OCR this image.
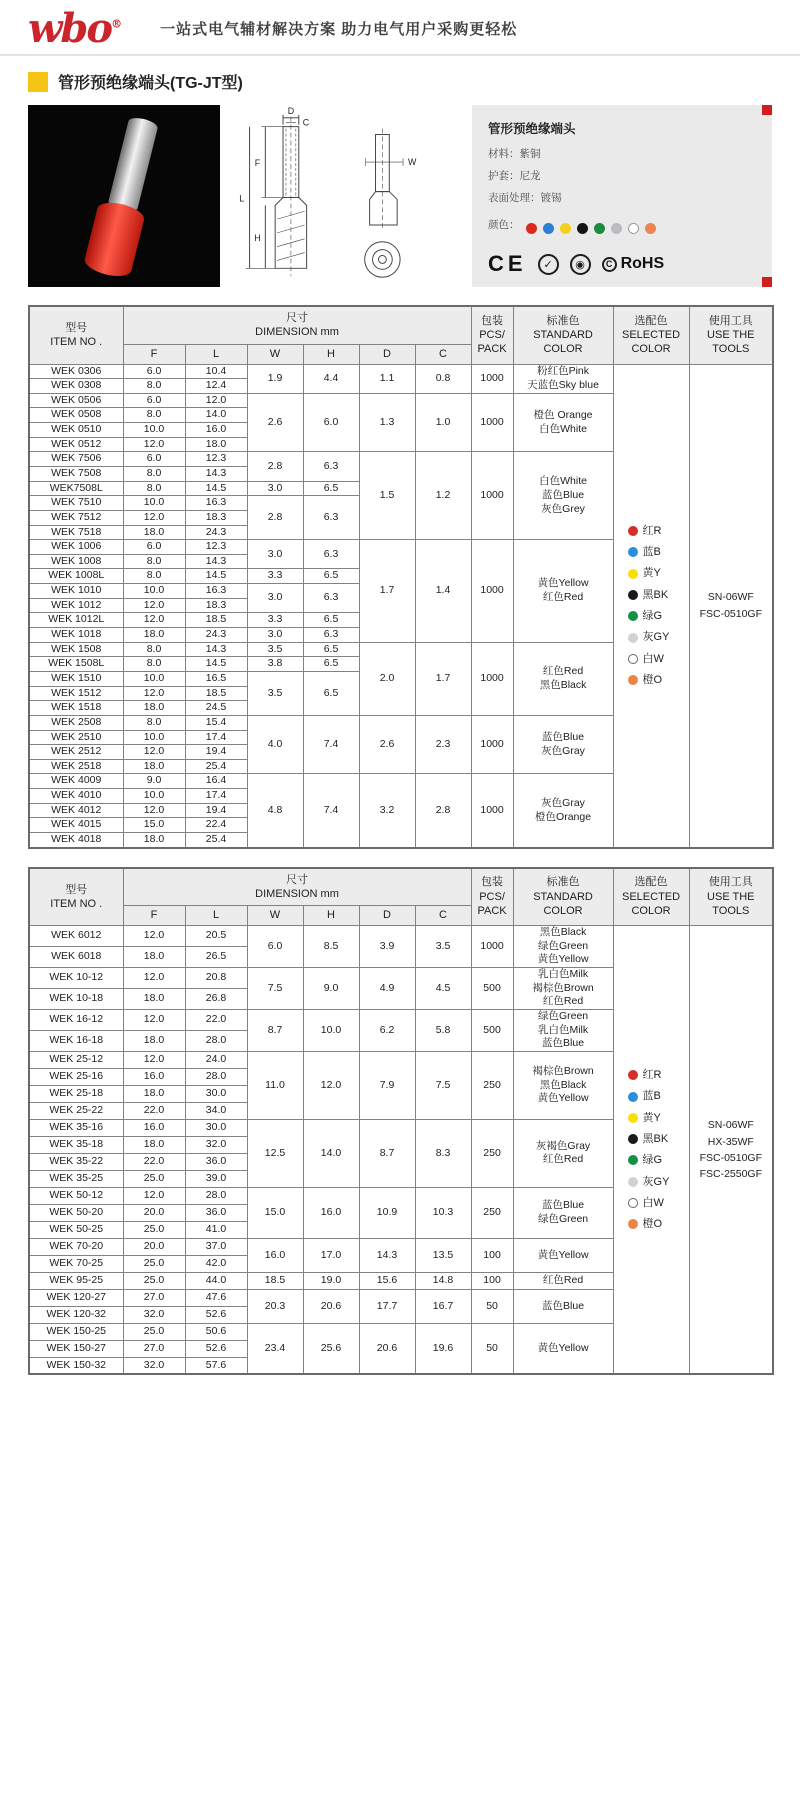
wbo®	一站式电气辅材解决方案 助力电气用户采购更轻松
管形预绝缘端头(TG-JT型)
D
C
F
L
H
W
管形预绝缘端头
材料：紫铜
护套：尼龙
表面处理：镀锡
颜色：
CE	✓	◉	C RoHS
型号
ITEM NO .	尺寸
DIMENSION mm						包装
PCS/
PACK	标准色
STANDARD
COLOR	选配色
SELECTED
COLOR	使用工具
USE THE
TOOLS
	F	L	W	H	D	C				
WEK 0306	6.0	10.4	1.9	4.4	1.1	0.8	1000	粉红色Pink
天蓝色Sky blue	
红R
蓝B
黄Y
黑BK
绿G
灰GY
白W
橙O

SN-06WF
FSC-0510GF

WEK 0308	8.0	12.4								
WEK 0506	6.0	12.0	2.6	6.0	1.3	1.0	1000	橙色 Orange
白色White		
WEK 0508	8.0	14.0								
WEK 0510	10.0	16.0								
WEK 0512	12.0	18.0								
WEK 7506	6.0	12.3	2.8	6.3	1.5	1.2	1000	白色White
蓝色Blue
灰色Grey		
WEK 7508	8.0	14.3								
WEK7508L	8.0	14.5	3.0	6.5						
WEK 7510	10.0	16.3	2.8	6.3						
WEK 7512	12.0	18.3								
WEK 7518	18.0	24.3								
WEK 1006	6.0	12.3	3.0	6.3	1.7	1.4	1000	黄色Yellow
红色Red		
WEK 1008	8.0	14.3								
WEK 1008L	8.0	14.5	3.3	6.5						
WEK 1010	10.0	16.3	3.0	6.3						
WEK 1012	12.0	18.3								
WEK 1012L	12.0	18.5	3.3	6.5						
WEK 1018	18.0	24.3	3.0	6.3						
WEK 1508	8.0	14.3	3.5	6.5	2.0	1.7	1000	红色Red
黑色Black		
WEK 1508L	8.0	14.5	3.8	6.5						
WEK 1510	10.0	16.5	3.5	6.5						
WEK 1512	12.0	18.5								
WEK 1518	18.0	24.5								
WEK 2508	8.0	15.4	4.0	7.4	2.6	2.3	1000	蓝色Blue
灰色Gray		
WEK 2510	10.0	17.4								
WEK 2512	12.0	19.4								
WEK 2518	18.0	25.4								
WEK 4009	9.0	16.4	4.8	7.4	3.2	2.8	1000	灰色Gray
橙色Orange		
WEK 4010	10.0	17.4								
WEK 4012	12.0	19.4								
WEK 4015	15.0	22.4								
WEK 4018	18.0	25.4								
型号
ITEM NO .	尺寸
DIMENSION mm						包装
PCS/
PACK	标准色
STANDARD
COLOR	选配色
SELECTED
COLOR	使用工具
USE THE
TOOLS
	F	L	W	H	D	C				
WEK 6012	12.0	20.5	6.0	8.5	3.9	3.5	1000	黑色Black
绿色Green
黄色Yellow	
红R
蓝B
黄Y
黑BK
绿G
灰GY
白W
橙O

SN-06WF
HX-35WF
FSC-0510GF
FSC-2550GF

WEK 6018	18.0	26.5								
WEK 10-12	12.0	20.8	7.5	9.0	4.9	4.5	500	乳白色Milk
褐棕色Brown
红色Red		
WEK 10-18	18.0	26.8								
WEK 16-12	12.0	22.0	8.7	10.0	6.2	5.8	500	绿色Green
乳白色Milk
蓝色Blue		
WEK 16-18	18.0	28.0								
WEK 25-12	12.0	24.0	11.0	12.0	7.9	7.5	250	褐棕色Brown
黑色Black
黄色Yellow		
WEK 25-16	16.0	28.0								
WEK 25-18	18.0	30.0								
WEK 25-22	22.0	34.0								
WEK 35-16	16.0	30.0	12.5	14.0	8.7	8.3	250	灰褐色Gray
红色Red		
WEK 35-18	18.0	32.0								
WEK 35-22	22.0	36.0								
WEK 35-25	25.0	39.0								
WEK 50-12	12.0	28.0	15.0	16.0	10.9	10.3	250	蓝色Blue
绿色Green		
WEK 50-20	20.0	36.0								
WEK 50-25	25.0	41.0								
WEK 70-20	20.0	37.0	16.0	17.0	14.3	13.5	100	黄色Yellow		
WEK 70-25	25.0	42.0								
WEK 95-25	25.0	44.0	18.5	19.0	15.6	14.8	100	红色Red		
WEK 120-27	27.0	47.6	20.3	20.6	17.7	16.7	50	蓝色Blue		
WEK 120-32	32.0	52.6								
WEK 150-25	25.0	50.6	23.4	25.6	20.6	19.6	50	黄色Yellow		
WEK 150-27	27.0	52.6								
WEK 150-32	32.0	57.6								
